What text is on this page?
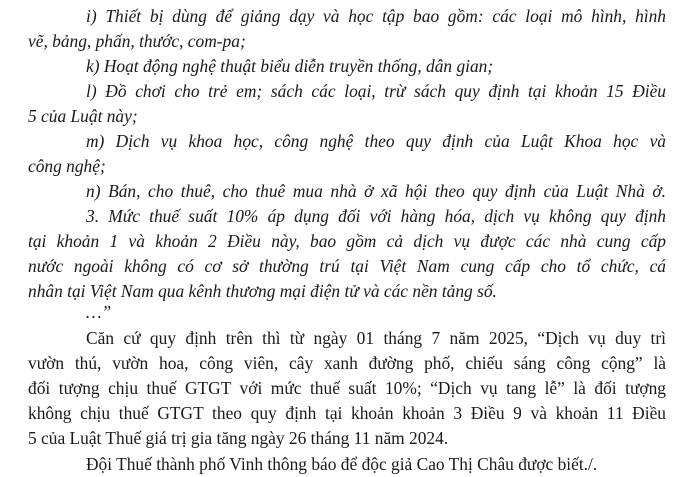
i) Thiết bị dùng để giảng dạy và học tập bao gồm: các loại mô hình, hình
vẽ, bảng, phấn, thước, com-pa;
k) Hoạt động nghệ thuật biểu diễn truyền thống, dân gian;
l) Đồ chơi cho trẻ em; sách các loại, trừ sách quy định tại khoản 15 Điều
5 của Luật này;
m) Dịch vụ khoa học, công nghệ theo quy định của Luật Khoa học và
công nghệ;
n) Bán, cho thuê, cho thuê mua nhà ở xã hội theo quy định của Luật Nhà ở.
3. Mức thuế suất 10% áp dụng đối với hàng hóa, dịch vụ không quy định
tại khoản 1 và khoản 2 Điều này, bao gồm cả dịch vụ được các nhà cung cấp
nước ngoài không có cơ sở thường trú tại Việt Nam cung cấp cho tổ chức, cá
nhân tại Việt Nam qua kênh thương mại điện tử và các nền tảng số.
…”
Căn cứ quy định trên thì từ ngày 01 tháng 7 năm 2025, “Dịch vụ duy trì
vườn thú, vườn hoa, công viên, cây xanh đường phố, chiếu sáng công cộng” là
đối tượng chịu thuế GTGT với mức thuế suất 10%; “Dịch vụ tang lễ” là đối tượng
không chịu thuế GTGT theo quy định tại khoản khoản 3 Điều 9 và khoản 11 Điều
5 của Luật Thuế giá trị gia tăng ngày 26 tháng 11 năm 2024.
Đội Thuế thành phố Vinh thông báo để độc giả Cao Thị Châu được biết./.
